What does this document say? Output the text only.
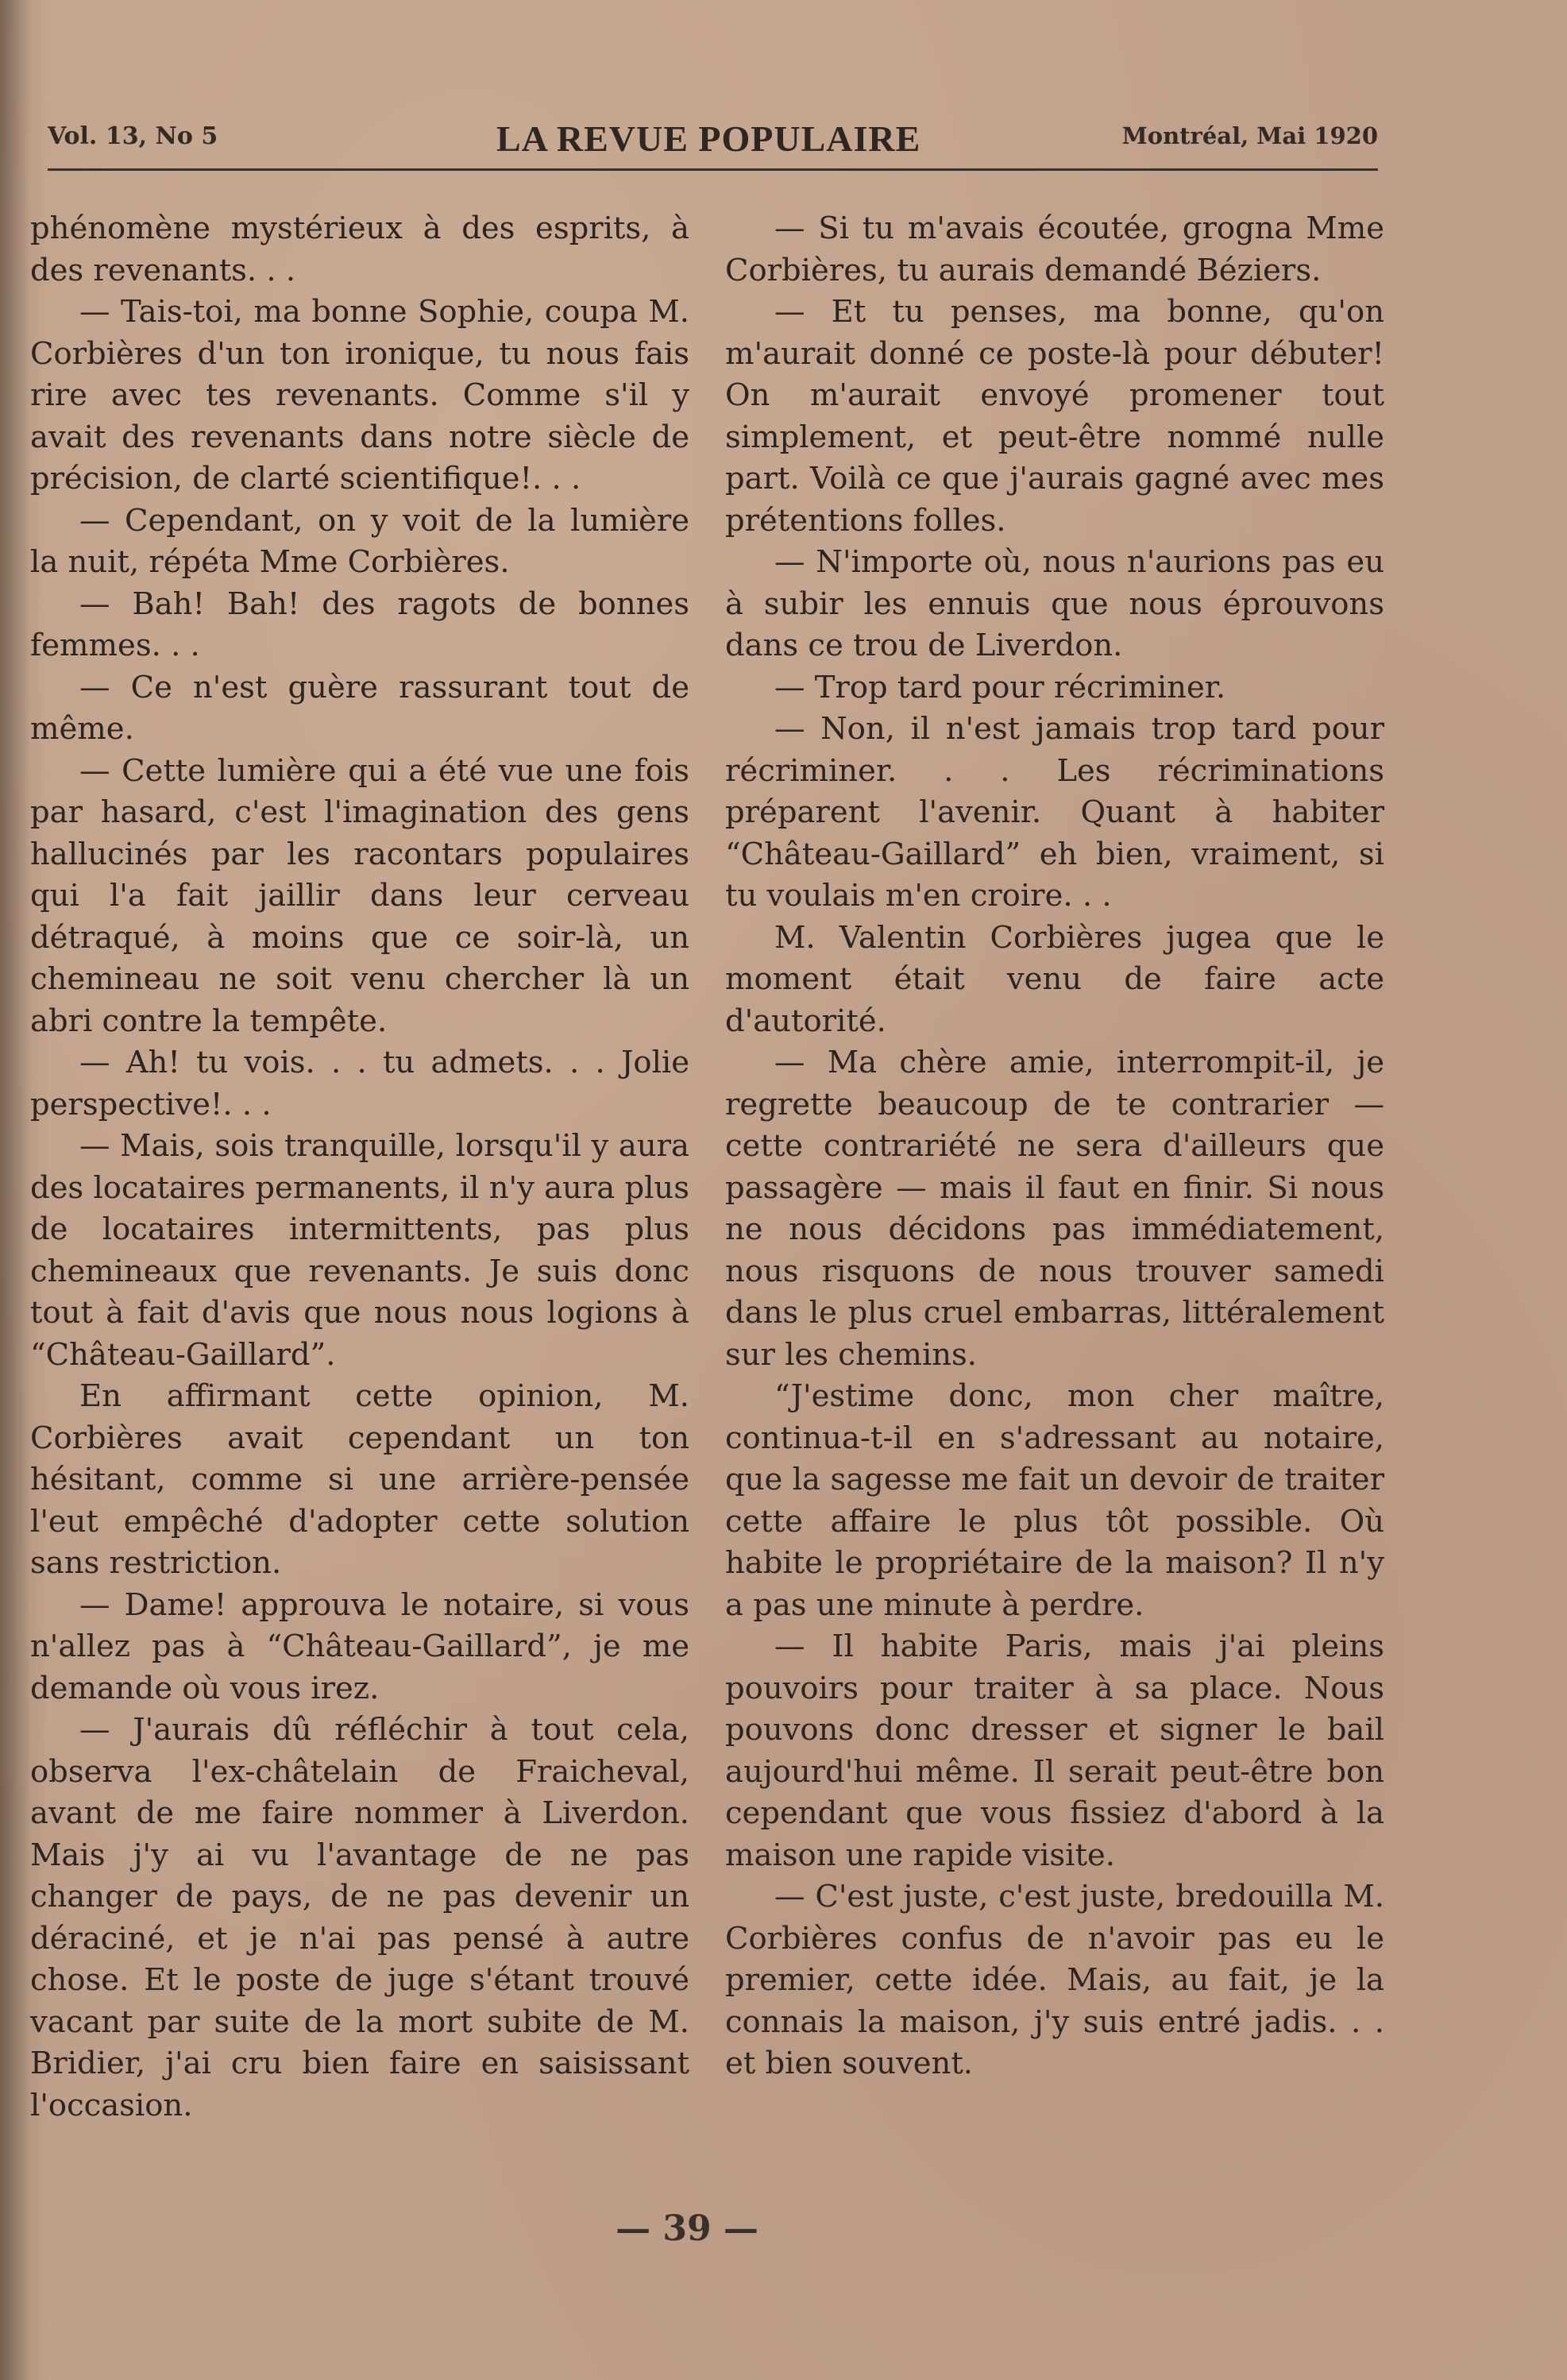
Vol. 13, No 5	LA REVUE POPULAIRE	Montréal, Mai 1920

phénomène mystérieux à des esprits, à des revenants. . .

— Tais-toi, ma bonne Sophie, coupa M. Corbières d'un ton ironique, tu nous fais rire avec tes revenants. Comme s'il y avait des revenants dans notre siècle de précision, de clarté scientifique!. . .

— Cependant, on y voit de la lumière la nuit, répéta Mme Corbières.

— Bah! Bah! des ragots de bonnes femmes. . .

— Ce n'est guère rassurant tout de même.

— Cette lumière qui a été vue une fois par hasard, c'est l'imagination des gens hallucinés par les racontars populaires qui l'a fait jaillir dans leur cerveau détraqué, à moins que ce soir-là, un chemineau ne soit venu chercher là un abri contre la tempête.

— Ah! tu vois. . . tu admets. . . Jolie perspective!. . .

— Mais, sois tranquille, lorsqu'il y aura des locataires permanents, il n'y aura plus de locataires intermittents, pas plus chemineaux que revenants. Je suis donc tout à fait d'avis que nous nous logions à “Château-Gaillard”.

En affirmant cette opinion, M. Corbières avait cependant un ton hésitant, comme si une arrière-pensée l'eut empêché d'adopter cette solution sans restriction.

— Dame! approuva le notaire, si vous n'allez pas à “Château-Gaillard”, je me demande où vous irez.

— J'aurais dû réfléchir à tout cela, observa l'ex-châtelain de Fraicheval, avant de me faire nommer à Liverdon. Mais j'y ai vu l'avantage de ne pas changer de pays, de ne pas devenir un déraciné, et je n'ai pas pensé à autre chose. Et le poste de juge s'étant trouvé vacant par suite de la mort subite de M. Bridier, j'ai cru bien faire en saisissant l'occasion.

— Si tu m'avais écoutée, grogna Mme Corbières, tu aurais demandé Béziers.

— Et tu penses, ma bonne, qu'on m'aurait donné ce poste-là pour débuter! On m'aurait envoyé promener tout simplement, et peut-être nommé nulle part. Voilà ce que j'aurais gagné avec mes prétentions folles.

— N'importe où, nous n'aurions pas eu à subir les ennuis que nous éprouvons dans ce trou de Liverdon.

— Trop tard pour récriminer.

— Non, il n'est jamais trop tard pour récriminer. . . Les récriminations préparent l'avenir. Quant à habiter “Château-Gaillard” eh bien, vraiment, si tu voulais m'en croire. . .

M. Valentin Corbières jugea que le moment était venu de faire acte d'autorité.

— Ma chère amie, interrompit-il, je regrette beaucoup de te contrarier — cette contrariété ne sera d'ailleurs que passagère — mais il faut en finir. Si nous ne nous décidons pas immédiatement, nous risquons de nous trouver samedi dans le plus cruel embarras, littéralement sur les chemins.

“J'estime donc, mon cher maître, continua-t-il en s'adressant au notaire, que la sagesse me fait un devoir de traiter cette affaire le plus tôt possible. Où habite le propriétaire de la maison? Il n'y a pas une minute à perdre.

— Il habite Paris, mais j'ai pleins pouvoirs pour traiter à sa place. Nous pouvons donc dresser et signer le bail aujourd'hui même. Il serait peut-être bon cependant que vous fissiez d'abord à la maison une rapide visite.

— C'est juste, c'est juste, bredouilla M. Corbières confus de n'avoir pas eu le premier, cette idée. Mais, au fait, je la connais la maison, j'y suis entré jadis. . . et bien souvent.

— 39 —
